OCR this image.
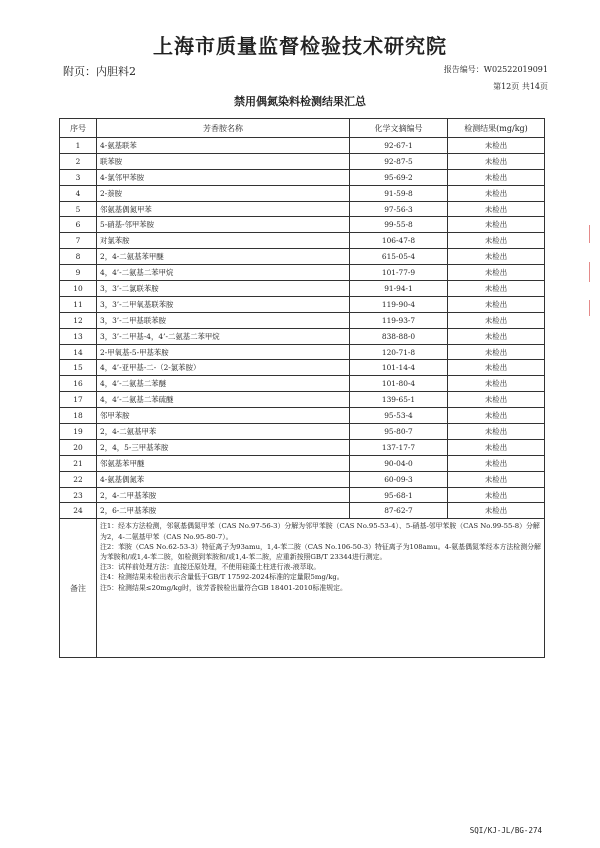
上海市质量监督检验技术研究院
附页：内胆料2	报告编号：W02522019091
第12页 共14页
禁用偶氮染料检测结果汇总
序号	芳香胺名称	化学文摘编号	检测结果(mg/kg)
1	4-氨基联苯	92-67-1	未检出
2	联苯胺	92-87-5	未检出
3	4-氯邻甲苯胺	95-69-2	未检出
4	2-萘胺	91-59-8	未检出
5	邻氨基偶氮甲苯	97-56-3	未检出
6	5-硝基-邻甲苯胺	99-55-8	未检出
7	对氯苯胺	106-47-8	未检出
8	2，4-二氨基苯甲醚	615-05-4	未检出
9	4，4’-二氨基二苯甲烷	101-77-9	未检出
10	3，3’-二氯联苯胺	91-94-1	未检出
11	3，3’-二甲氧基联苯胺	119-90-4	未检出
12	3，3’-二甲基联苯胺	119-93-7	未检出
13	3，3’-二甲基-4，4’-二氨基二苯甲烷	838-88-0	未检出
14	2-甲氧基-5-甲基苯胺	120-71-8	未检出
15	4，4’-亚甲基-二-（2-氯苯胺）	101-14-4	未检出
16	4，4’-二氨基二苯醚	101-80-4	未检出
17	4，4’-二氨基二苯硫醚	139-65-1	未检出
18	邻甲苯胺	95-53-4	未检出
19	2，4-二氨基甲苯	95-80-7	未检出
20	2，4，5-三甲基苯胺	137-17-7	未检出
21	邻氨基苯甲醚	90-04-0	未检出
22	4-氨基偶氮苯	60-09-3	未检出
23	2，4-二甲基苯胺	95-68-1	未检出
24	2，6-二甲基苯胺	87-62-7	未检出
备注	注1：经本方法检测，邻氨基偶氮甲苯（CAS No.97-56-3）分解为邻甲苯胺（CAS No.95-53-4）、5-硝基-邻甲苯胺（CAS No.99-55-8）分解为2，4-二氨基甲苯（CAS No.95-80-7）。
注2：苯胺（CAS No.62-53-3）特征离子为93amu，1,4-苯二胺（CAS No.106-50-3）特征离子为108amu。4-氨基偶氮苯经本方法检测分解为苯胺和/或1,4-苯二胺，如检测到苯胺和/或1,4-苯二胺，应重新按照GB/T 23344进行测定。
注3：试样前处理方法：直接还原处理，不使用硅藻土柱进行液-液萃取。
注4：检测结果未检出表示含量低于GB/T 17592-2024标准的定量限5mg/kg。
注5：检测结果≤20mg/kg时，该芳香胺检出量符合GB 18401-2010标准规定。		
SQI/KJ-JL/BG-274
